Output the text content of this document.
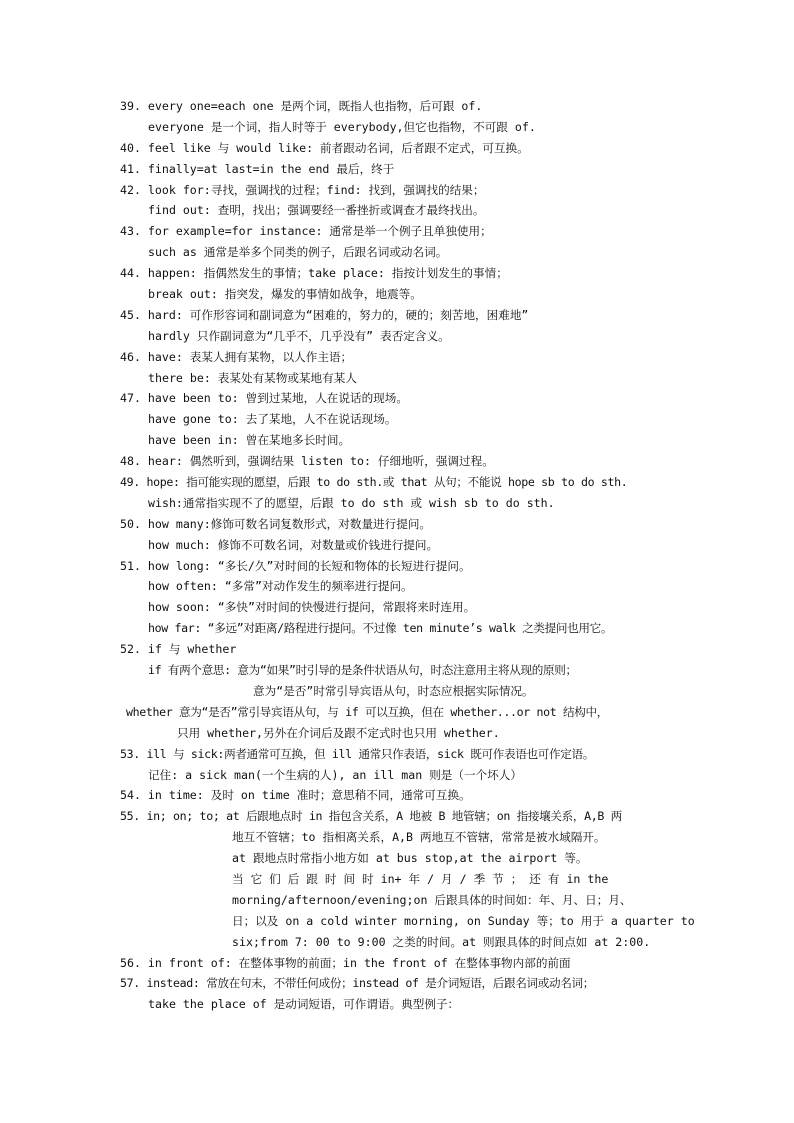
39. every one=each one 是两个词，既指人也指物，后可跟 of.
everyone 是一个词，指人时等于 everybody,但它也指物，不可跟 of.
40. feel like 与 would like: 前者跟动名词，后者跟不定式，可互换。
41. finally=at last=in the end 最后，终于
42. look for:寻找，强调找的过程；find: 找到，强调找的结果；
find out: 查明，找出；强调要经一番挫折或调查才最终找出。
43. for example=for instance: 通常是举一个例子且单独使用；
such as 通常是举多个同类的例子，后跟名词或动名词。
44. happen: 指偶然发生的事情；take place: 指按计划发生的事情；
break out: 指突发，爆发的事情如战争，地震等。
45. hard: 可作形容词和副词意为“困难的，努力的，硬的；刻苦地，困难地”
hardly 只作副词意为“几乎不，几乎没有” 表否定含义。
46. have: 表某人拥有某物，以人作主语；
there be: 表某处有某物或某地有某人
47. have been to: 曾到过某地，人在说话的现场。
have gone to: 去了某地，人不在说话现场。
have been in: 曾在某地多长时间。
48. hear: 偶然听到，强调结果 listen to: 仔细地听，强调过程。
49. hope: 指可能实现的愿望，后跟 to do sth.或 that 从句；不能说 hope sb to do sth.
wish:通常指实现不了的愿望，后跟 to do sth 或 wish sb to do sth.
50. how many:修饰可数名词复数形式，对数量进行提问。
how much: 修饰不可数名词，对数量或价钱进行提问。
51. how long: “多长/久”对时间的长短和物体的长短进行提问。
how often: “多常”对动作发生的频率进行提问。
how soon: “多快”对时间的快慢进行提问，常跟将来时连用。
how far: “多远”对距离/路程进行提问。不过像 ten minute’s walk 之类提问也用它。
52. if 与 whether
if 有两个意思: 意为“如果”时引导的是条件状语从句，时态注意用主将从现的原则；
意为“是否”时常引导宾语从句，时态应根据实际情况。
whether 意为“是否”常引导宾语从句，与 if 可以互换，但在 whether...or not 结构中，
只用 whether,另外在介词后及跟不定式时也只用 whether.
53. ill 与 sick:两者通常可互换，但 ill 通常只作表语，sick 既可作表语也可作定语。
记住: a sick man(一个生病的人), an ill man 则是（一个坏人）
54. in time: 及时 on time 准时；意思稍不同，通常可互换。
55. in; on; to; at 后跟地点时 in 指包含关系，A 地被 B 地管辖；on 指接壤关系，A,B 两
地互不管辖；to 指相离关系，A,B 两地互不管辖，常常是被水域隔开。
at 跟地点时常指小地方如 at bus stop,at the airport 等。
当 它 们 后 跟 时 间 时 in+ 年 / 月 / 季 节 ； 还 有 in the
morning/afternoon/evening;on 后跟具体的时间如：年、月、日；月、
日；以及 on a cold winter morning, on Sunday 等；to 用于 a quarter to
six;from 7: 00 to 9:00 之类的时间。at 则跟具体的时间点如 at 2:00.
56. in front of: 在整体事物的前面；in the front of 在整体事物内部的前面
57. instead: 常放在句末，不带任何成份；instead of 是介词短语，后跟名词或动名词；
take the place of 是动词短语，可作谓语。典型例子：
